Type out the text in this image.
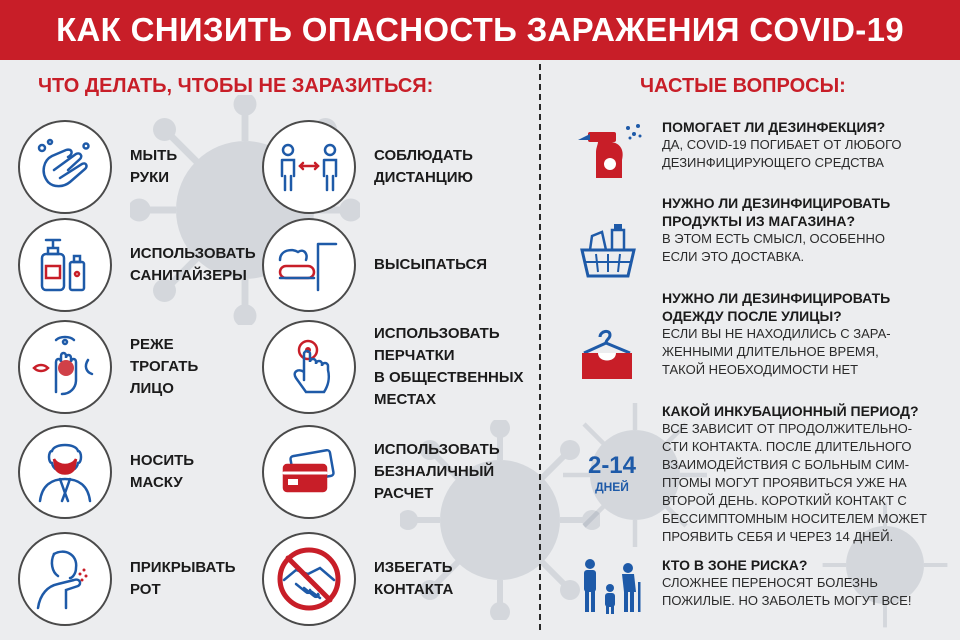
КАК СНИЗИТЬ ОПАСНОСТЬ ЗАРАЖЕНИЯ COVID-19
ЧТО ДЕЛАТЬ, ЧТОБЫ НЕ ЗАРАЗИТЬСЯ:	ЧАСТЫЕ ВОПРОСЫ:
МЫТЬ
РУКИ
СОБЛЮДАТЬ
ДИСТАНЦИЮ
ИСПОЛЬЗОВАТЬ
САНИТАЙЗЕРЫ
ВЫСЫПАТЬСЯ
РЕЖЕ
ТРОГАТЬ
ЛИЦО
ИСПОЛЬЗОВАТЬ
ПЕРЧАТКИ
В ОБЩЕСТВЕННЫХ
МЕСТАХ
НОСИТЬ
МАСКУ
ИСПОЛЬЗОВАТЬ
БЕЗНАЛИЧНЫЙ
РАСЧЕТ
ПРИКРЫВАТЬ
РОТ
ИЗБЕГАТЬ
КОНТАКТА
ПОМОГАЕТ ЛИ ДЕЗИНФЕКЦИЯ?
ДА, COVID-19 ПОГИБАЕТ ОТ ЛЮБОГО
ДЕЗИНФИЦИРУЮЩЕГО СРЕДСТВА
НУЖНО ЛИ ДЕЗИНФИЦИРОВАТЬ
ПРОДУКТЫ ИЗ МАГАЗИНА?
В ЭТОМ ЕСТЬ СМЫСЛ, ОСОБЕННО
ЕСЛИ ЭТО ДОСТАВКА.
НУЖНО ЛИ ДЕЗИНФИЦИРОВАТЬ
ОДЕЖДУ ПОСЛЕ УЛИЦЫ?
ЕСЛИ ВЫ НЕ НАХОДИЛИСЬ С ЗАРА-
ЖЕННЫМИ ДЛИТЕЛЬНОЕ ВРЕМЯ,
ТАКОЙ НЕОБХОДИМОСТИ НЕТ
КАКОЙ ИНКУБАЦИОННЫЙ ПЕРИОД?
ВСЕ ЗАВИСИТ ОТ ПРОДОЛЖИТЕЛЬНО-
СТИ КОНТАКТА. ПОСЛЕ ДЛИТЕЛЬНОГО
ВЗАИМОДЕЙСТВИЯ С БОЛЬНЫМ СИМ-
ПТОМЫ МОГУТ ПРОЯВИТЬСЯ УЖЕ НА
ВТОРОЙ ДЕНЬ. КОРОТКИЙ КОНТАКТ С
БЕССИМПТОМНЫМ НОСИТЕЛЕМ МОЖЕТ
ПРОЯВИТЬ СЕБЯ И ЧЕРЕЗ 14 ДНЕЙ.
2-14
ДНЕЙ
КТО В ЗОНЕ РИСКА?
СЛОЖНЕЕ ПЕРЕНОСЯТ БОЛЕЗНЬ
ПОЖИЛЫЕ. НО ЗАБОЛЕТЬ МОГУТ ВСЕ!
